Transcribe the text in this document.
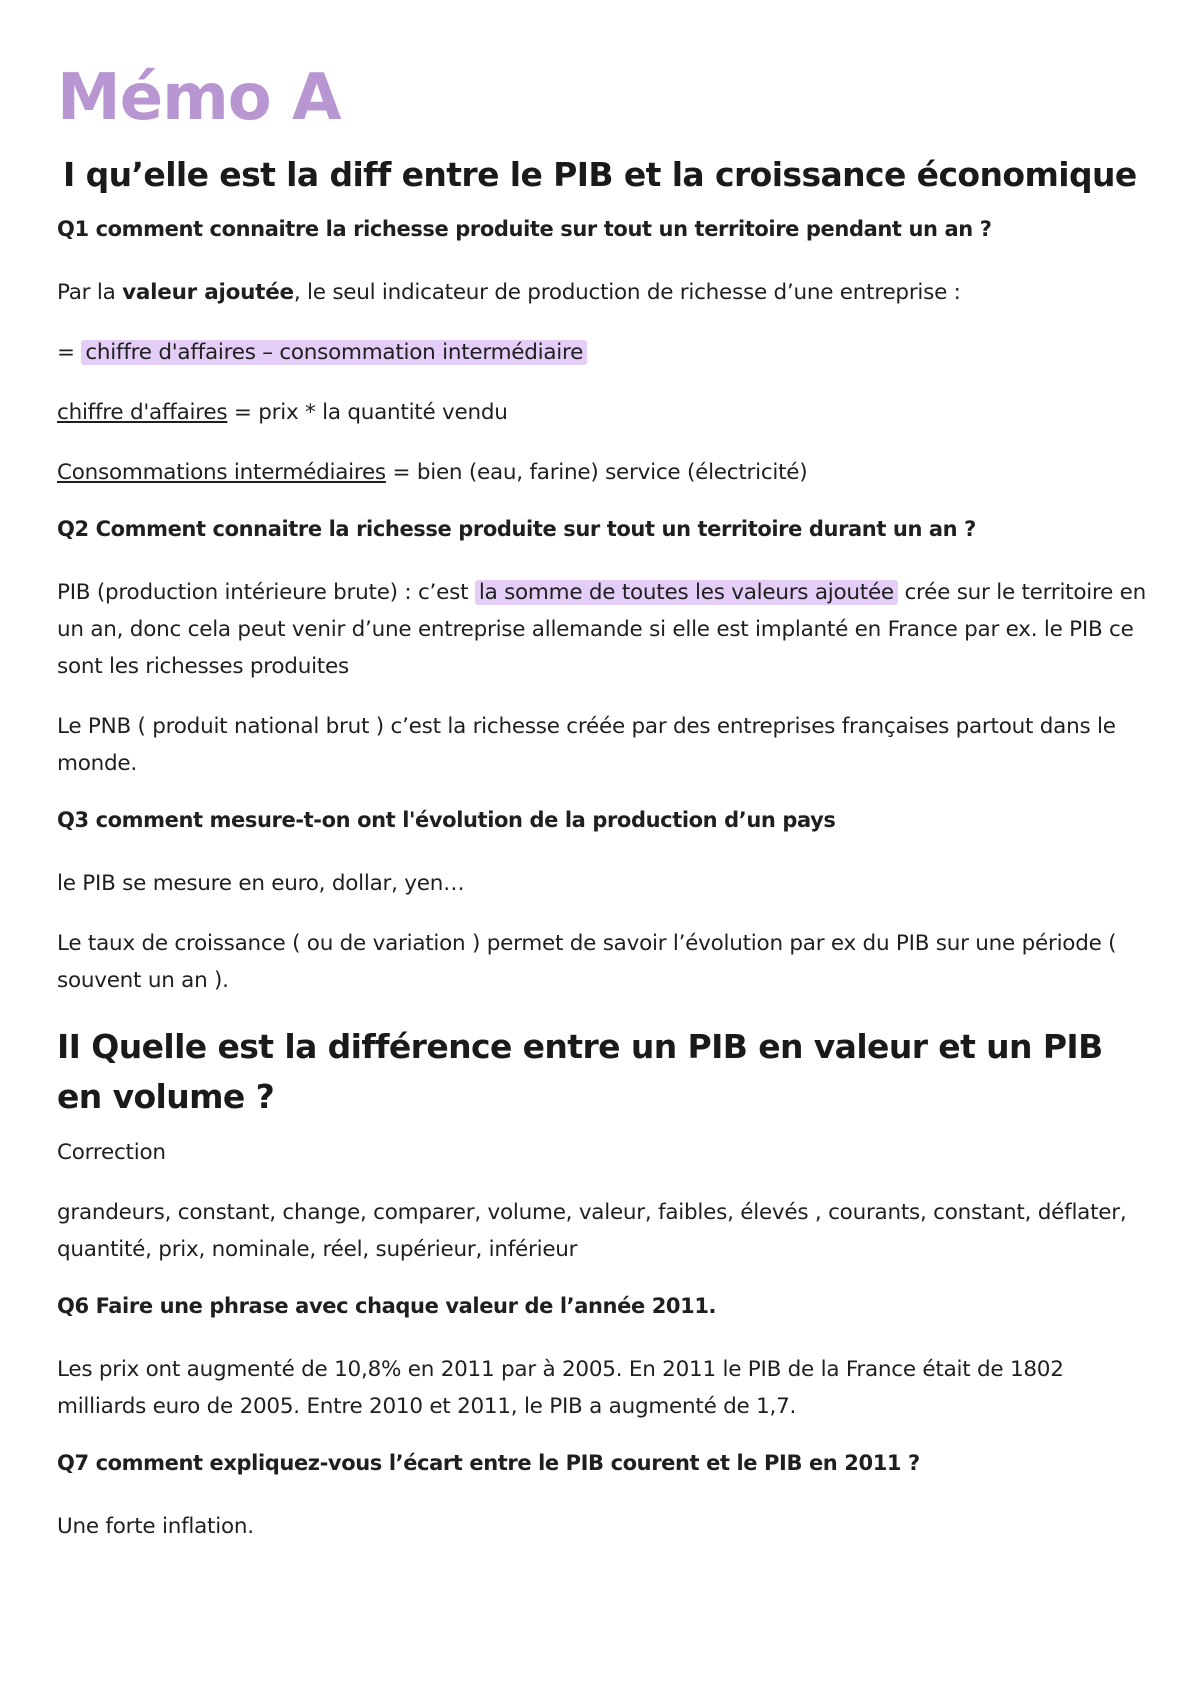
Mémo A
I qu’elle est la diff entre le PIB et la croissance économique
Q1 comment connaitre la richesse produite sur tout un territoire pendant un an ?
Par la valeur ajoutée, le seul indicateur de production de richesse d’une entreprise :
= chiffre d'affaires – consommation intermédiaire
chiffre d'affaires = prix * la quantité vendu
Consommations intermédiaires = bien (eau, farine) service (électricité)
Q2 Comment connaitre la richesse produite sur tout un territoire durant un an ?
PIB (production intérieure brute) : c’est la somme de toutes les valeurs ajoutée crée sur le territoire en un an, donc cela peut venir d’une entreprise allemande si elle est implanté en France par ex. le PIB ce sont les richesses produites
Le PNB ( produit national brut ) c’est la richesse créée par des entreprises françaises partout dans le monde.
Q3 comment mesure-t-on ont l'évolution de la production d’un pays
le PIB se mesure en euro, dollar, yen…
Le taux de croissance ( ou de variation ) permet de savoir l’évolution par ex du PIB sur une période ( souvent un an ).
II Quelle est la différence entre un PIB en valeur et un PIB en volume ?
Correction
grandeurs, constant, change, comparer, volume, valeur, faibles, élevés , courants, constant, déflater, quantité, prix, nominale, réel, supérieur, inférieur
Q6 Faire une phrase avec chaque valeur de l’année 2011.
Les prix ont augmenté de 10,8% en 2011 par à 2005. En 2011 le PIB de la France était de 1802 milliards euro de 2005. Entre 2010 et 2011, le PIB a augmenté de 1,7.
Q7 comment expliquez-vous l’écart entre le PIB courent et le PIB en 2011 ?
Une forte inflation.
